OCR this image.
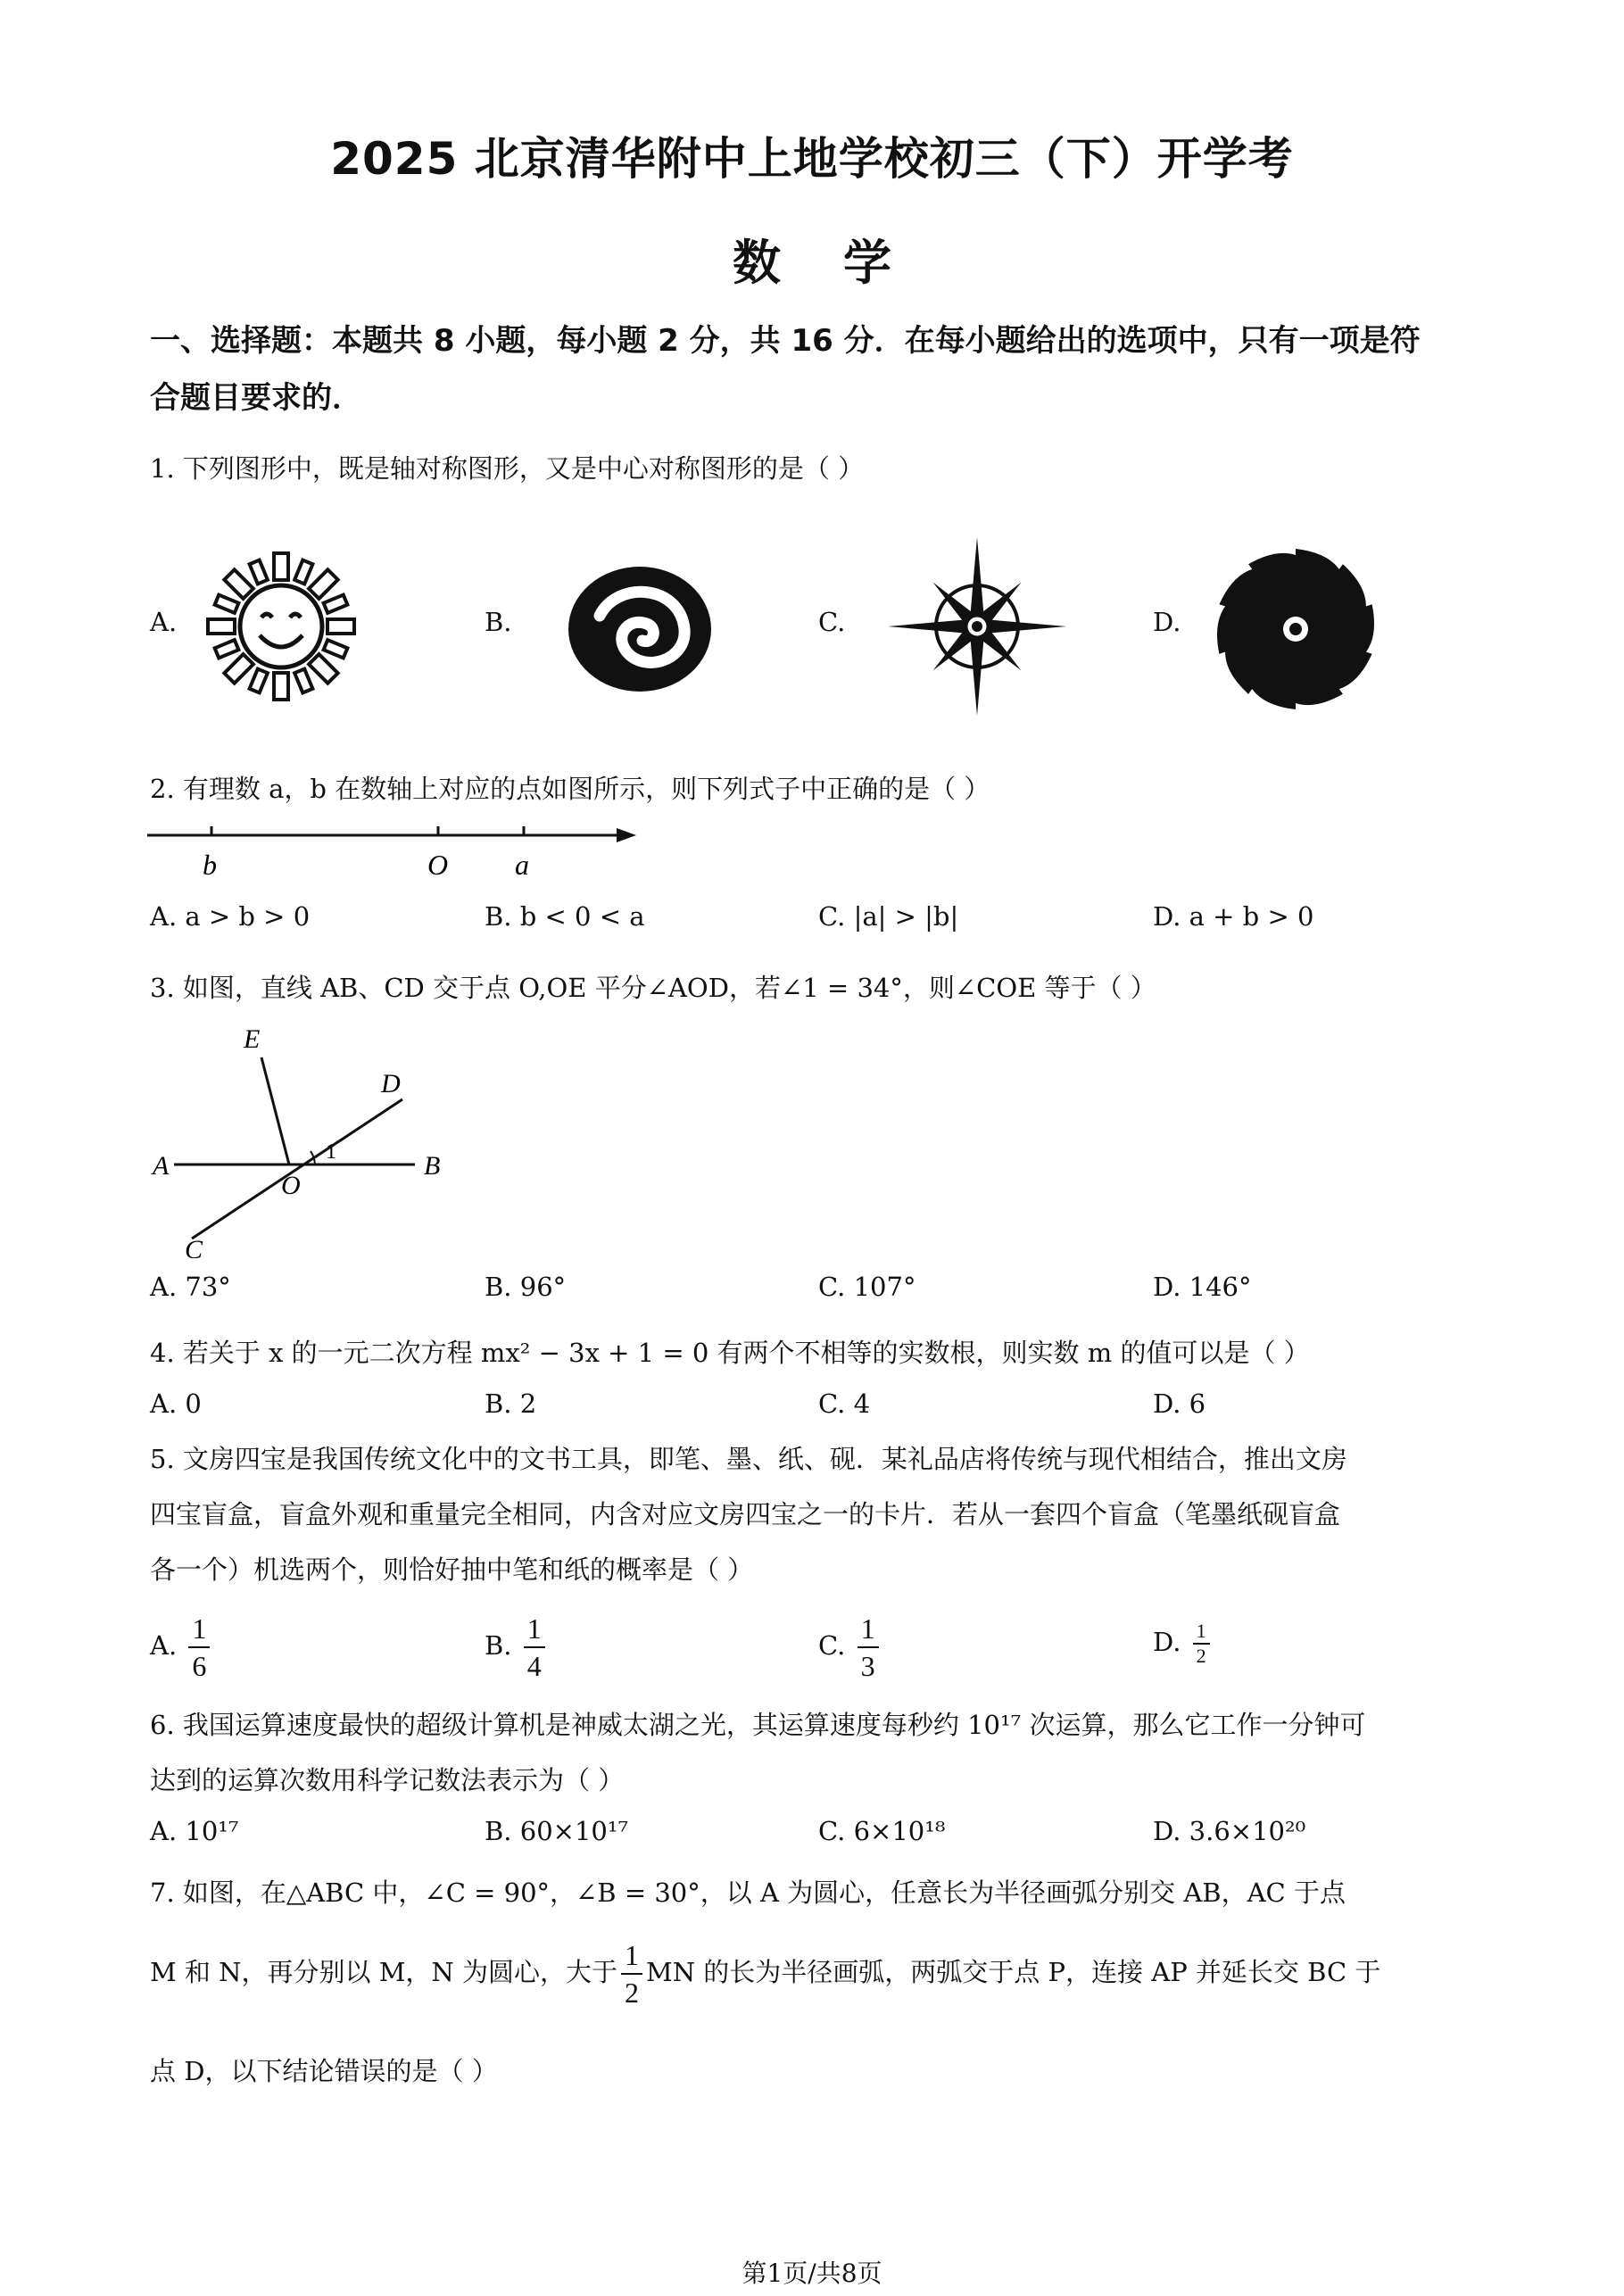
2025 北京清华附中上地学校初三（下）开学考
数学
一、选择题：本题共 8 小题，每小题 2 分，共 16 分．在每小题给出的选项中，只有一项是符
合题目要求的．
1. 下列图形中，既是轴对称图形，又是中心对称图形的是（ ）
A.	B.	C.	D.
2. 有理数 a，b 在数轴上对应的点如图所示，则下列式子中正确的是（ ）
b	O a
A. a > b > 0	B. b < 0 < a	C. |a| > |b|	D. a + b > 0
3. 如图，直线 AB、CD 交于点 O,OE 平分∠AOD，若∠1 = 34°，则∠COE 等于（ ）
E
D
A
O
1	B
C
A. 73°	B. 96°	C. 107°	D. 146°
4. 若关于 x 的一元二次方程 mx² − 3x + 1 = 0 有两个不相等的实数根，则实数 m 的值可以是（ ）
A. 0	B. 2	C. 4	D. 6
5. 文房四宝是我国传统文化中的文书工具，即笔、墨、纸、砚．某礼品店将传统与现代相结合，推出文房
四宝盲盒，盲盒外观和重量完全相同，内含对应文房四宝之一的卡片．若从一套四个盲盒（笔墨纸砚盲盒
各一个）机选两个，则恰好抽中笔和纸的概率是（ ）
A. $\frac{1}{6}$	B. $\frac{1}{4}$	C. $\frac{1}{3}$	D. $\frac{1}{2}$
6. 我国运算速度最快的超级计算机是神威太湖之光，其运算速度每秒约 10¹⁷ 次运算，那么它工作一分钟可
达到的运算次数用科学记数法表示为（ ）
A. 10¹⁷	B. 60×10¹⁷	C. 6×10¹⁸	D. 3.6×10²⁰
7. 如图，在△ABC 中，∠C = 90°，∠B = 30°，以 A 为圆心，任意长为半径画弧分别交 AB，AC 于点
M 和 N，再分别以 M，N 为圆心，大于 $\frac{1}{2}$ MN 的长为半径画弧，两弧交于点 P，连接 AP 并延长交 BC 于
点 D，以下结论错误的是（ ）
第1页/共8页
